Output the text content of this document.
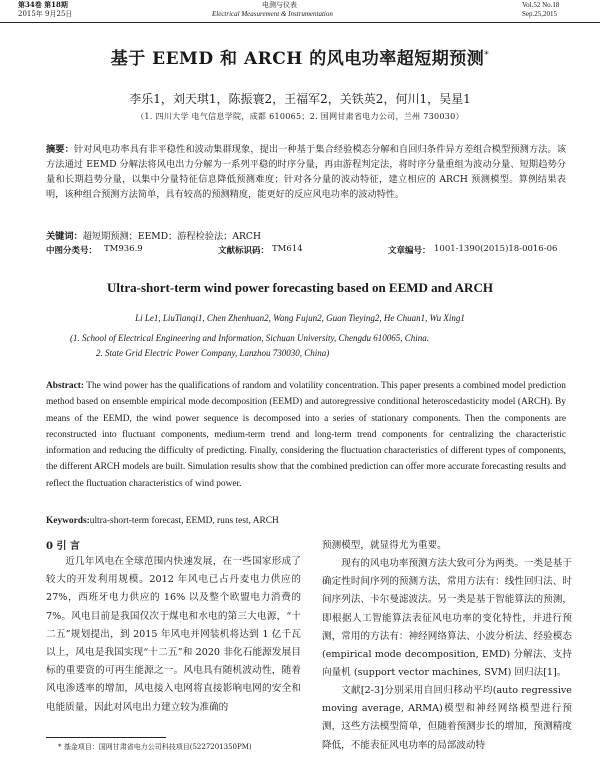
第34卷 第18期
2015年 9月25日
电测与仪表
Electrical Measurement & Instrumentation
Vol.52 No.18
Sep.25,2015
基于 EEMD 和 ARCH 的风电功率超短期预测*
李乐1，刘天琪1，陈振寰2，王福军2，关铁英2，何川1，吴星1
（1. 四川大学 电气信息学院，成都 610065；2. 国网甘肃省电力公司，兰州 730030）
摘要：针对风电功率具有非平稳性和波动集群现象，提出一种基于集合经验模态分解和自回归条件异方差组合模型预测方法。该方法通过 EEMD 分解法将风电出力分解为一系列平稳的时序分量，再由游程判定法，将时序分量重组为波动分量、短期趋势分量和长期趋势分量，以集中分量特征信息降低预测难度；针对各分量的波动特征，建立相应的 ARCH 预测模型。算例结果表明，该种组合预测方法简单，具有较高的预测精度，能更好的反应风电功率的波动特性。
关键词：超短期预测；EEMD；游程检验法；ARCH
中图分类号： TM936.9	文献标识码： TM614	文章编号： 1001-1390(2015)18-0016-06
Ultra-short-term wind power forecasting based on EEMD and ARCH
Li Le1, LiuTianqi1, Chen Zhenhuan2, Wang Fujun2, Guan Tieying2, He Chuan1, Wu Xing1
(1. School of Electrical Engineering and Information, Sichuan University, Chengdu 610065, China.
2. State Grid Electric Power Company, Lanzhou 730030, China)
Abstract: The wind power has the qualifications of random and volatility concentration. This paper presents a combined model prediction method based on ensemble empirical mode decomposition (EEMD) and autoregressive conditional heteroscedasticity model (ARCH). By means of the EEMD, the wind power sequence is decomposed into a series of stationary components. Then the components are reconstructed into fluctuant components, medium-term trend and long-term trend components for centralizing the characteristic information and reducing the difficulty of predicting. Finally, considering the fluctuation characteristics of different types of components, the different ARCH models are built. Simulation results show that the combined prediction can offer more accurate forecasting results and reflect the fluctuation characteristics of wind power.
Keywords:ultra-short-term forecast, EEMD, runs test, ARCH
0 引 言
近几年风电在全球范围内快速发展，在一些国家形成了较大的开发利用规模。2012 年风电已占丹麦电力供应的 27%，西班牙电力供应的 16% 以及整个欧盟电力消费的 7%。风电目前是我国仅次于煤电和水电的第三大电源，“十二五”规划提出，到 2015 年风电并网装机将达到 1 亿千瓦以上，风电是我国实现“十二五”和 2020 非化石能源发展目标的重要资的可再生能源之一。风电具有随机波动性，随着风电渗透率的增加，风电接入电网将直接影响电网的安全和电能质量，因此对风电出力建立较为准确的
预测模型，就显得尤为重要。
现有的风电功率预测方法大致可分为两类。一类是基于确定性时间序列的预测方法，常用方法有：线性回归法、时间序列法、卡尔曼滤波法。另一类是基于智能算法的预测，即根据人工智能算法表征风电功率的变化特性，并进行预测，常用的方法有：神经网络算法、小波分析法、经验模态 (empirical mode decomposition, EMD) 分解法、支持向量机 (support vector machines, SVM) 回归法[1]。
文献[2-3]分别采用自回归移动平均(auto regressive moving average, ARMA)模型和神经网络模型进行预测，这些方法模型简单，但随着预测步长的增加，预测精度降低，不能表征风电功率的局部波动特
* 基金项目：国网甘肃省电力公司科技项目(5227201350PM)
